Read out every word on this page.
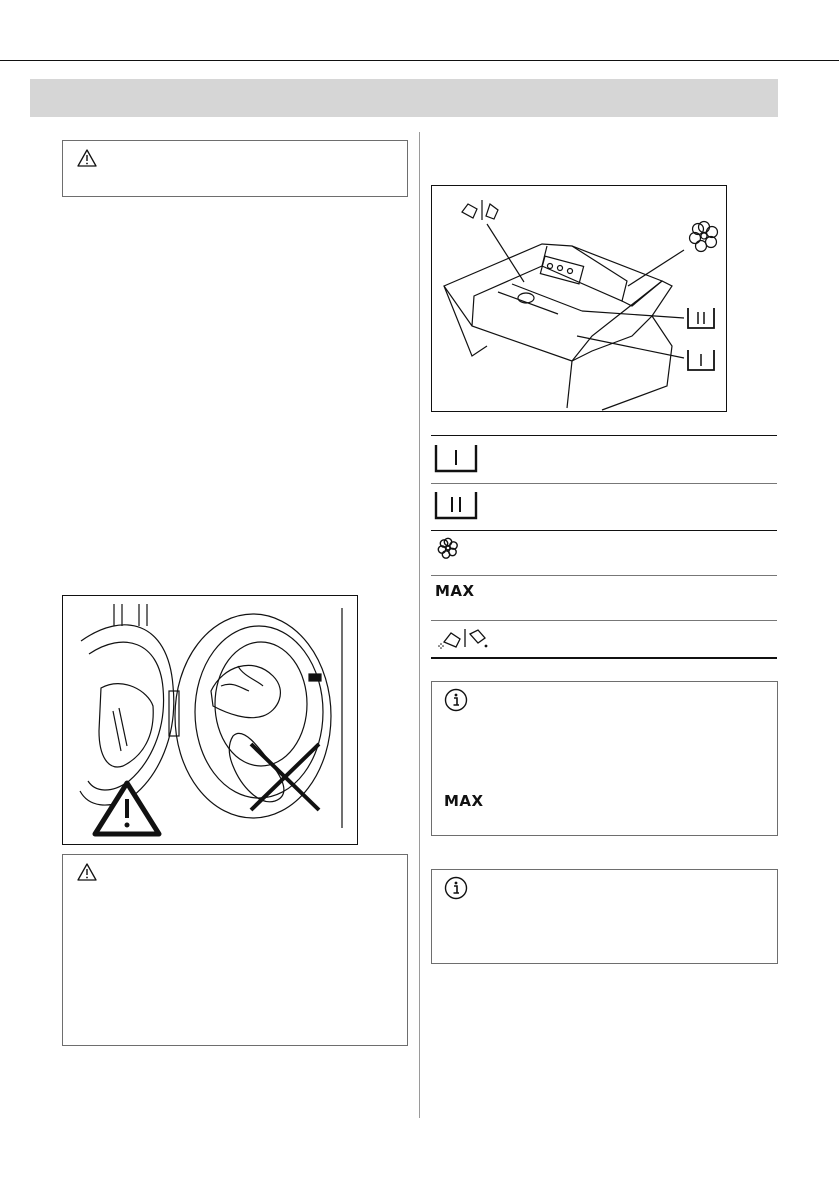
MAX
MAX
